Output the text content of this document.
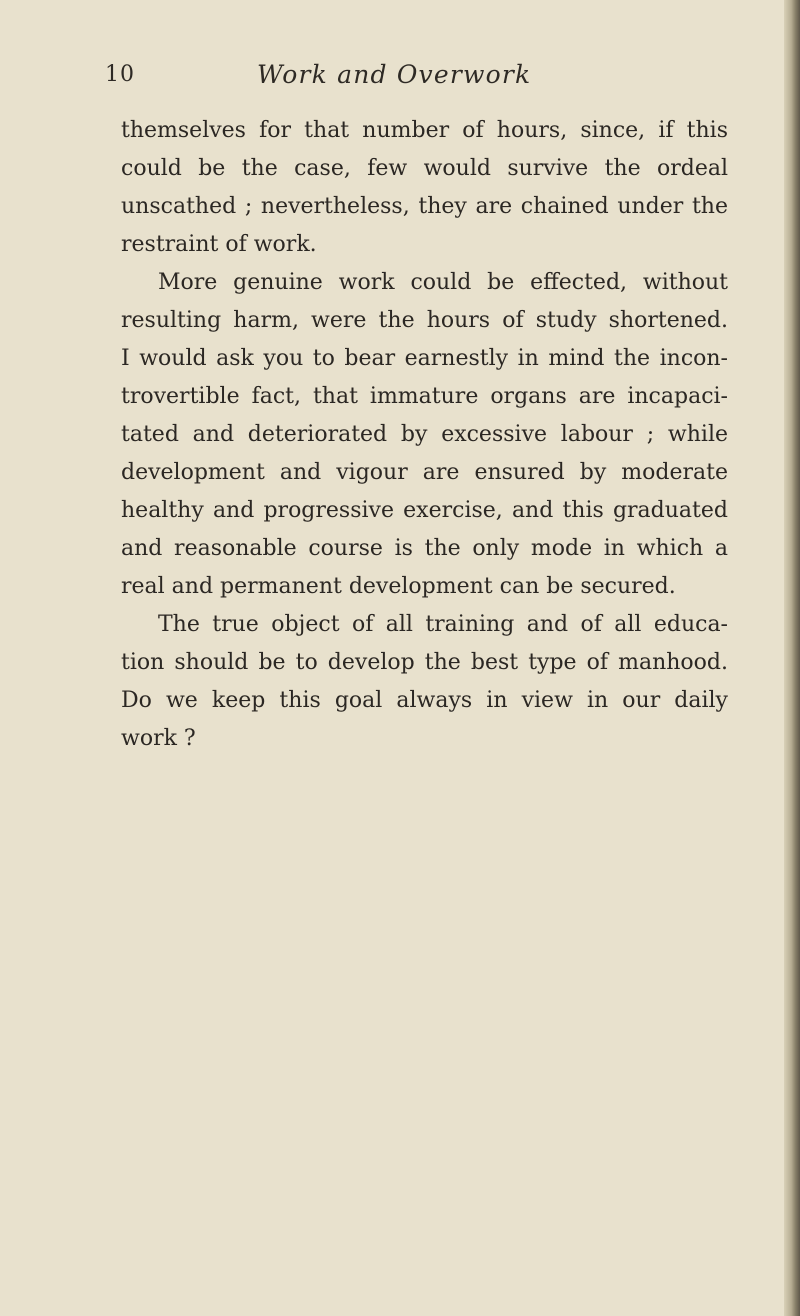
10	Work and Overwork
themselves for that number of hours, since, if this
could be the case, few would survive the ordeal
unscathed ; nevertheless, they are chained under the
restraint of work.
More genuine work could be effected, without
resulting harm, were the hours of study shortened.
I would ask you to bear earnestly in mind the incon-
trovertible fact, that immature organs are incapaci-
tated and deteriorated by excessive labour ; while
development and vigour are ensured by moderate
healthy and progressive exercise, and this graduated
and reasonable course is the only mode in which a
real and permanent development can be secured.
The true object of all training and of all educa-
tion should be to develop the best type of manhood.
Do we keep this goal always in view in our daily
work ?
